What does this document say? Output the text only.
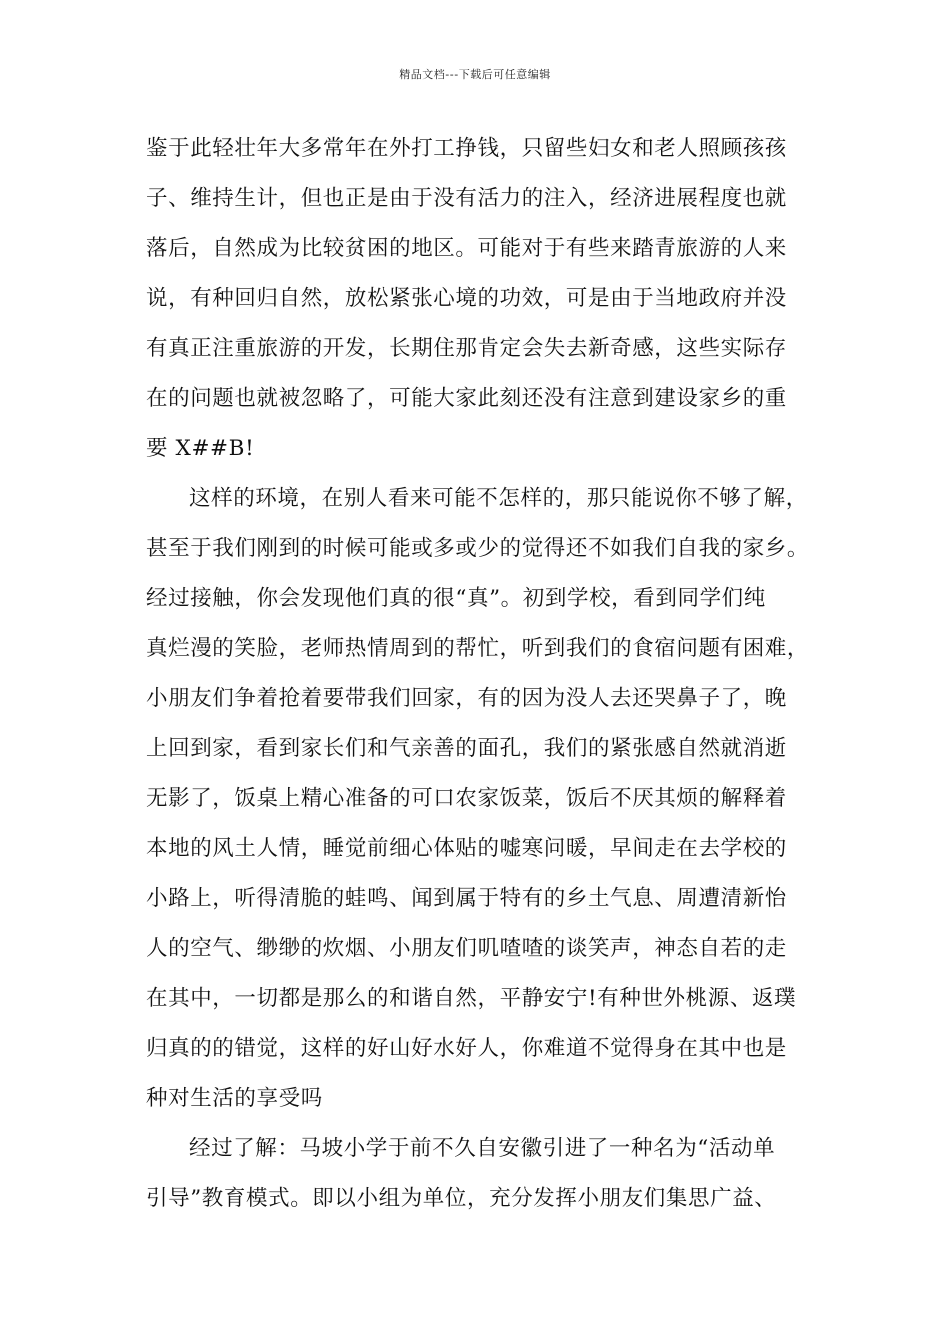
精品文档---下载后可任意编辑
鉴于此轻壮年大多常年在外打工挣钱，只留些妇女和老人照顾孩孩
子、维持生计，但也正是由于没有活力的注入，经济进展程度也就
落后，自然成为比较贫困的地区。可能对于有些来踏青旅游的人来
说，有种回归自然，放松紧张心境的功效，可是由于当地政府并没
有真正注重旅游的开发，长期住那肯定会失去新奇感，这些实际存
在的问题也就被忽略了，可能大家此刻还没有注意到建设家乡的重
要 X##B!
这样的环境，在别人看来可能不怎样的，那只能说你不够了解，
甚至于我们刚到的时候可能或多或少的觉得还不如我们自我的家乡。
经过接触，你会发现他们真的很“真”。初到学校，看到同学们纯
真烂漫的笑脸，老师热情周到的帮忙，听到我们的食宿问题有困难，
小朋友们争着抢着要带我们回家，有的因为没人去还哭鼻子了，晚
上回到家，看到家长们和气亲善的面孔，我们的紧张感自然就消逝
无影了，饭桌上精心准备的可口农家饭菜，饭后不厌其烦的解释着
本地的风土人情，睡觉前细心体贴的嘘寒问暖，早间走在去学校的
小路上，听得清脆的蛙鸣、闻到属于特有的乡土气息、周遭清新怡
人的空气、缈缈的炊烟、小朋友们叽喳喳的谈笑声，神态自若的走
在其中，一切都是那么的和谐自然，平静安宁!有种世外桃源、返璞
归真的的错觉，这样的好山好水好人，你难道不觉得身在其中也是
种对生活的享受吗
经过了解：马坡小学于前不久自安徽引进了一种名为“活动单
引导”教育模式。即以小组为单位，充分发挥小朋友们集思广益、
